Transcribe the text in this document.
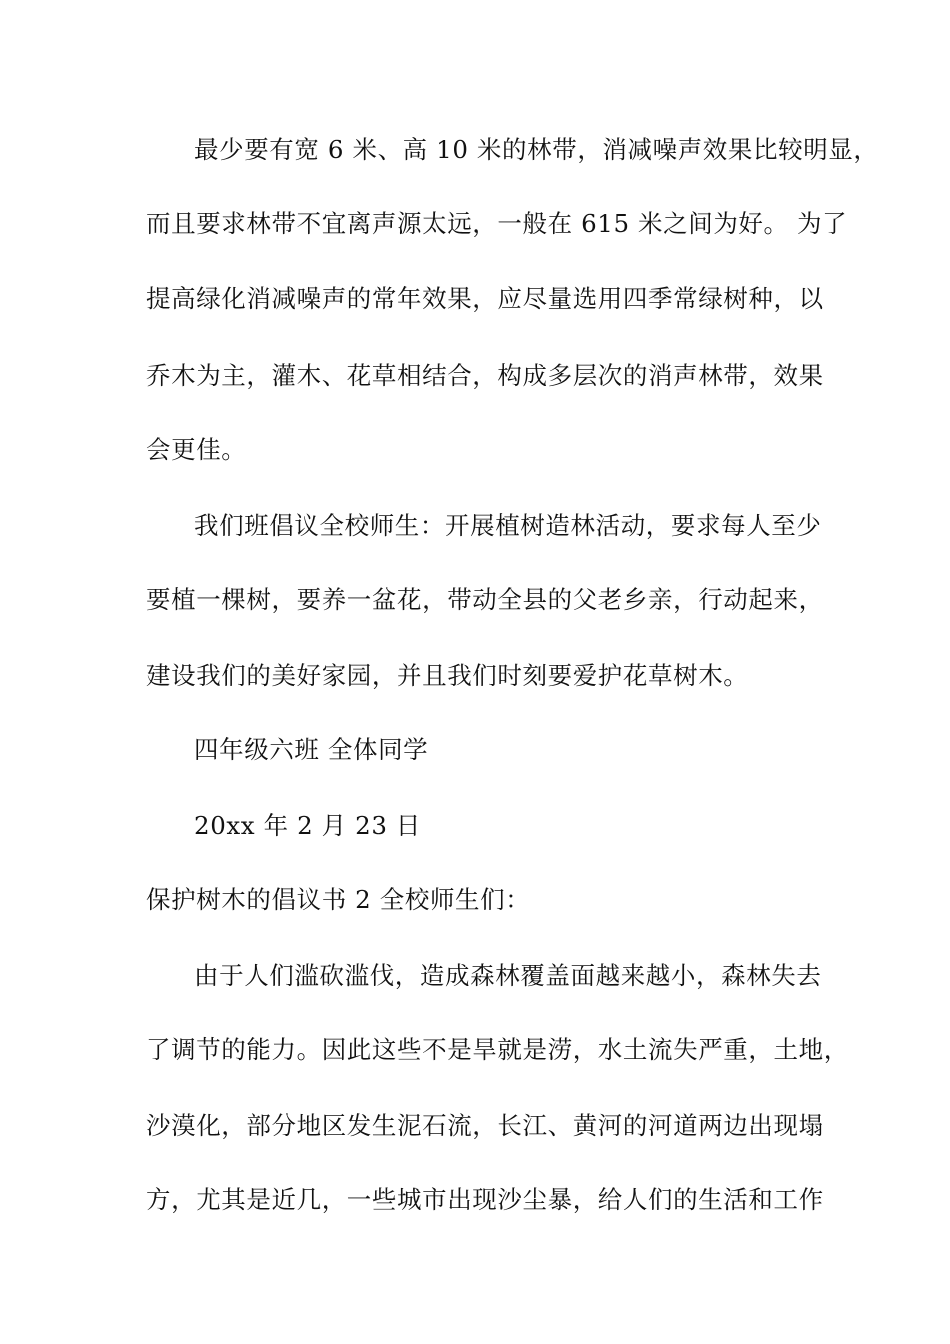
最少要有宽 6 米、高 10 米的林带，消减噪声效果比较明显，
而且要求林带不宜离声源太远，一般在 615 米之间为好。 为了
提高绿化消减噪声的常年效果，应尽量选用四季常绿树种，以
乔木为主，灌木、花草相结合，构成多层次的消声林带，效果
会更佳。
我们班倡议全校师生：开展植树造林活动，要求每人至少
要植一棵树，要养一盆花，带动全县的父老乡亲，行动起来，
建设我们的美好家园，并且我们时刻要爱护花草树木。
四年级六班 全体同学
20xx 年 2 月 23 日
保护树木的倡议书 2 全校师生们：
由于人们滥砍滥伐，造成森林覆盖面越来越小，森林失去
了调节的能力。因此这些不是旱就是涝，水土流失严重，土地，
沙漠化，部分地区发生泥石流，长江、黄河的河道两边出现塌
方，尤其是近几，一些城市出现沙尘暴，给人们的生活和工作
